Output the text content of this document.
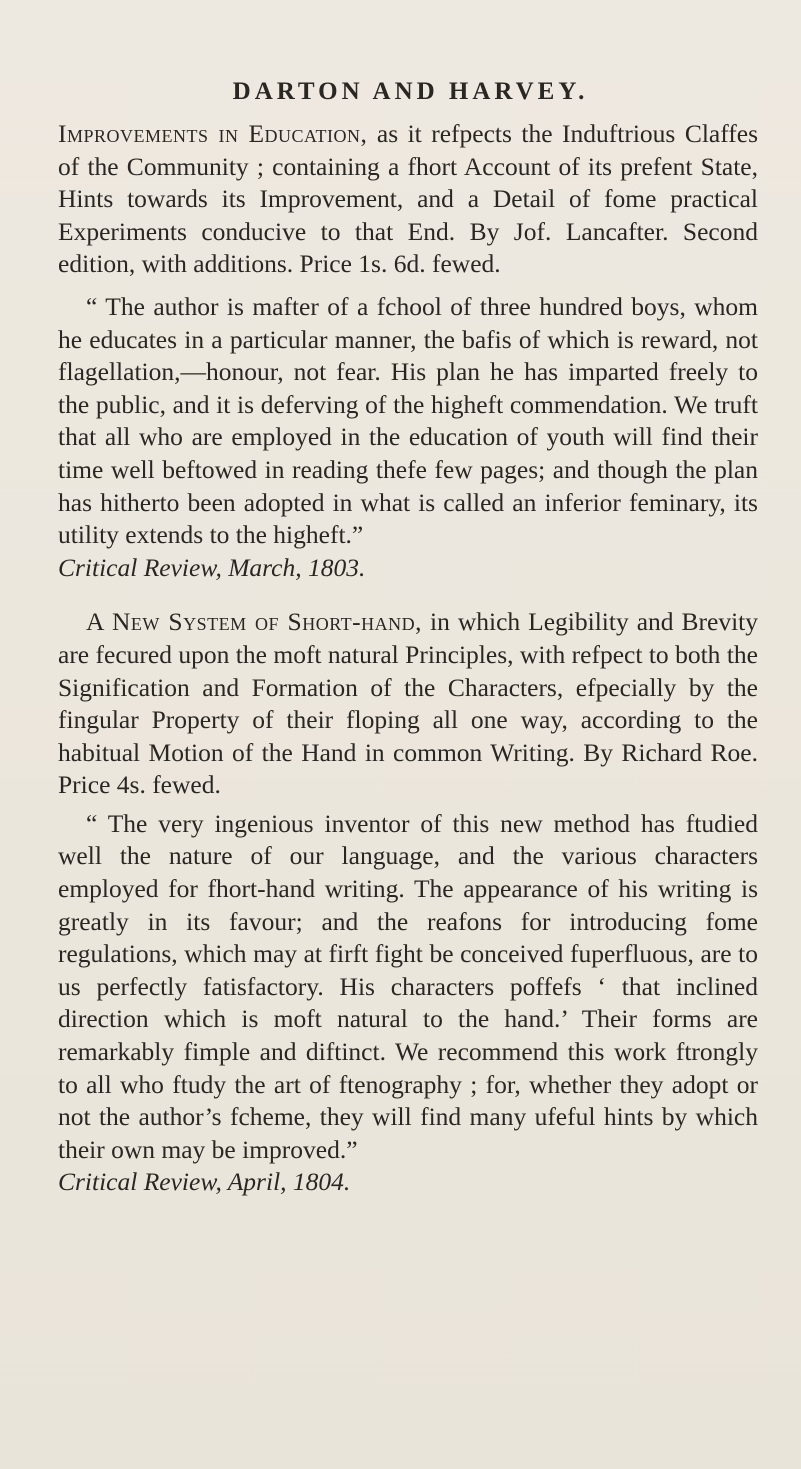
DARTON AND HARVEY.

Improvements in Education, as it refpects the Induftrious Claffes of the Community ; containing a fhort Account of its prefent State, Hints towards its Improvement, and a Detail of fome practical Experiments conducive to that End. By Jof. Lancafter. Second edition, with additions. Price 1s. 6d. fewed.

“ The author is mafter of a fchool of three hundred boys, whom he educates in a particular manner, the bafis of which is reward, not flagellation,—honour, not fear. His plan he has imparted freely to the public, and it is deferving of the higheft commendation. We truft that all who are employed in the education of youth will find their time well beftowed in reading thefe few pages; and though the plan has hitherto been adopted in what is called an inferior feminary, its utility extends to the higheft.”

Critical Review, March, 1803.

A New System of Short-hand, in which Legibility and Brevity are fecured upon the moft natural Principles, with refpect to both the Signification and Formation of the Characters, efpecially by the fingular Property of their floping all one way, according to the habitual Motion of the Hand in common Writing. By Richard Roe. Price 4s. fewed.

“ The very ingenious inventor of this new method has ftudied well the nature of our language, and the various characters employed for fhort-hand writing. The appearance of his writing is greatly in its favour; and the reafons for introducing fome regulations, which may at firft fight be conceived fuperfluous, are to us perfectly fatisfactory. His characters poffefs ‘ that inclined direction which is moft natural to the hand.’ Their forms are remarkably fimple and diftinct. We recommend this work ftrongly to all who ftudy the art of ftenography ; for, whether they adopt or not the author’s fcheme, they will find many ufeful hints by which their own may be improved.”

Critical Review, April, 1804.
